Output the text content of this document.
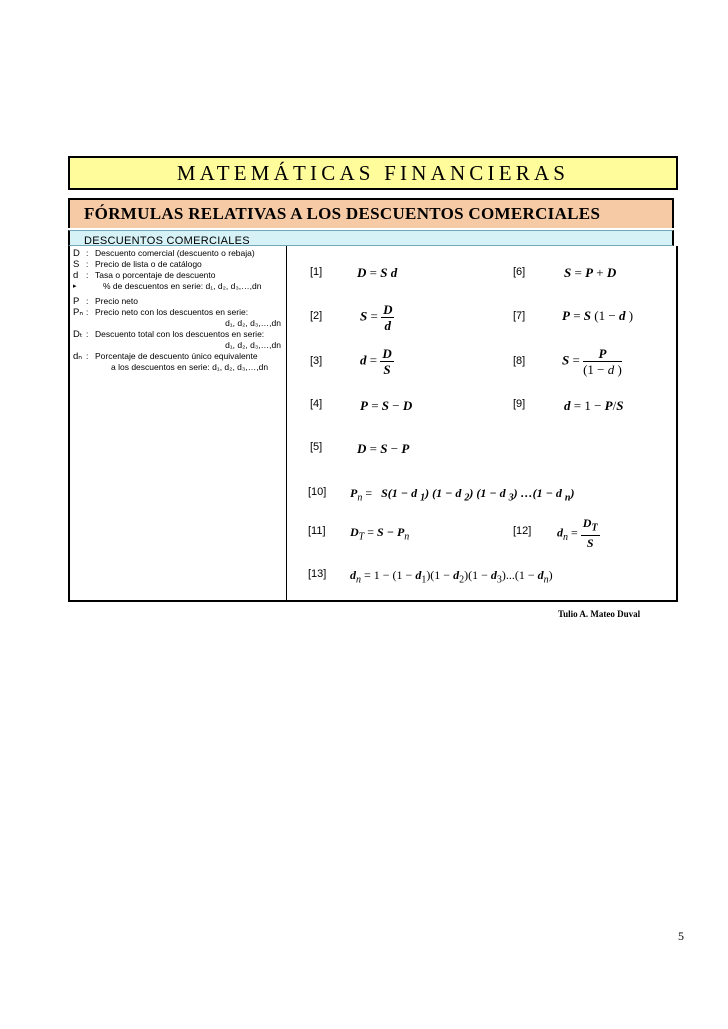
MATEMÁTICAS FINANCIERAS
FÓRMULAS RELATIVAS A LOS DESCUENTOS COMERCIALES
DESCUENTOS COMERCIALES
D : Descuento comercial (descuento o rebaja)
S : Precio de lista o de catálogo
d : Tasa o porcentaje de descuento
▸	% de descuentos en serie: d₁, d₂, d₃,…,dn
P : Precio neto
Pₙ : Precio neto con los descuentos en serie:
d₁, d₂, d₃,…,dn
Dₜ : Descuento total con los descuentos en serie:
d₁, d₂, d₃,…,dn
dₙ : Porcentaje de descuento único equivalente
a los descuentos en serie: d₁, d₂, d₃,…,dn
[1]
[2]
[3]
[4]
[5]
[10]
[11]
[13]
[6]
[7]
[8]
[9]
[12]
D = S d
$S = \frac{D}{d}$
$d = \frac{D}{S}$
P = S − D
D = S − P
S = P + D
P = S (1 − d )
$S = \frac{P}{(1 - d )}$
d = 1 − P/S
$P_n = S(1 - d$ $_1$) (1 − d $_2$) (1 − d $_3$) …(1 − d $_n$)
$D_T = S - P_n$	$d_n = \frac{D_T}{S}$
$d_n = 1 - (1 - d_1)(1 - d_2)(1 - d_3)...(1 - d_n)$
Tulio A. Mateo Duval
5
